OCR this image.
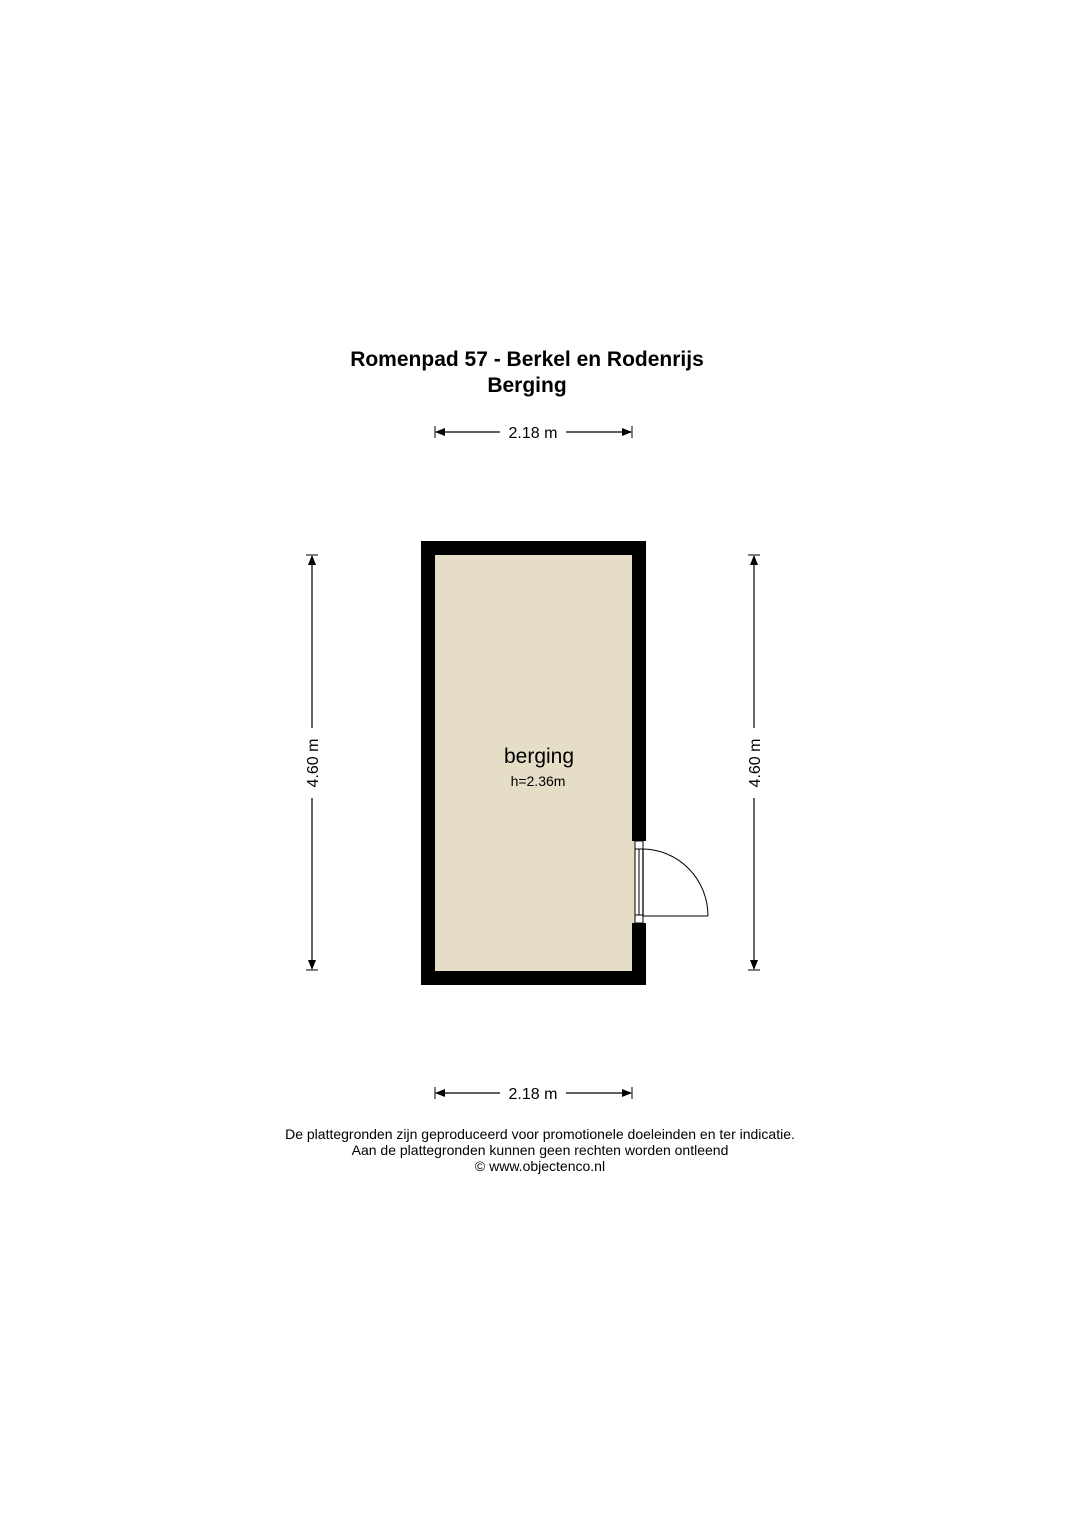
Romenpad 57 - Berkel en Rodenrijs
Berging
2.18 m
2.18 m
4.60 m	4.60 m
berging
h=2.36m
De plattegronden zijn geproduceerd voor promotionele doeleinden en ter indicatie.
Aan de plattegronden kunnen geen rechten worden ontleend
© www.objectenco.nl
